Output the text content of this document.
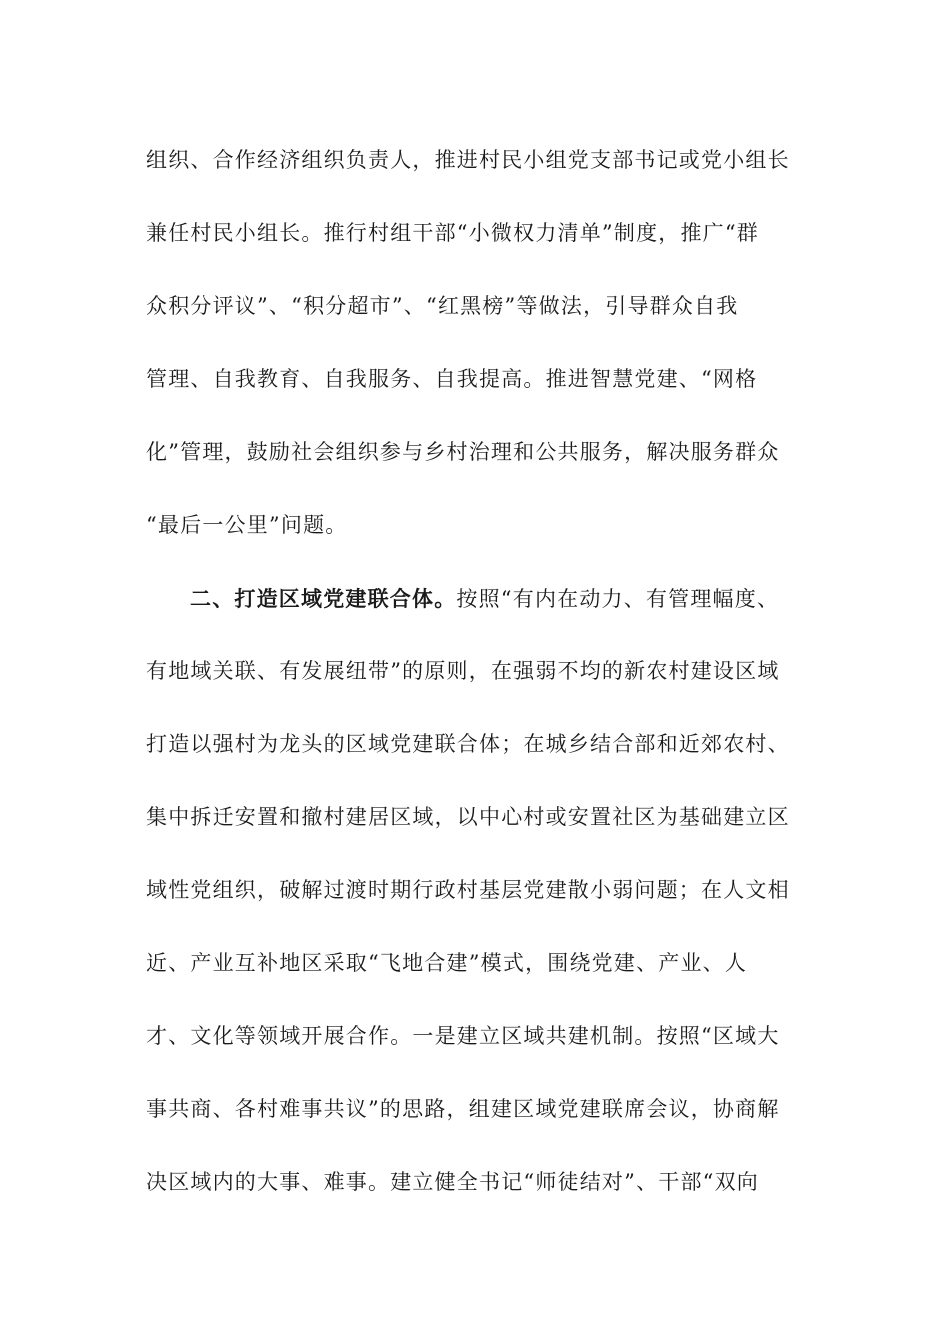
组织、合作经济组织负责人，推进村民小组党支部书记或党小组长
兼任村民小组长。推行村组干部“小微权力清单”制度，推广“群
众积分评议”、“积分超市”、“红黑榜”等做法，引导群众自我
管理、自我教育、自我服务、自我提高。推进智慧党建、“网格
化”管理，鼓励社会组织参与乡村治理和公共服务，解决服务群众
“最后一公里”问题。
二、打造区域党建联合体。按照“有内在动力、有管理幅度、
有地域关联、有发展纽带”的原则，在强弱不均的新农村建设区域
打造以强村为龙头的区域党建联合体；在城乡结合部和近郊农村、
集中拆迁安置和撤村建居区域，以中心村或安置社区为基础建立区
域性党组织，破解过渡时期行政村基层党建散小弱问题；在人文相
近、产业互补地区采取“飞地合建”模式，围绕党建、产业、人
才、文化等领域开展合作。一是建立区域共建机制。按照“区域大
事共商、各村难事共议”的思路，组建区域党建联席会议，协商解
决区域内的大事、难事。建立健全书记“师徒结对”、干部“双向
